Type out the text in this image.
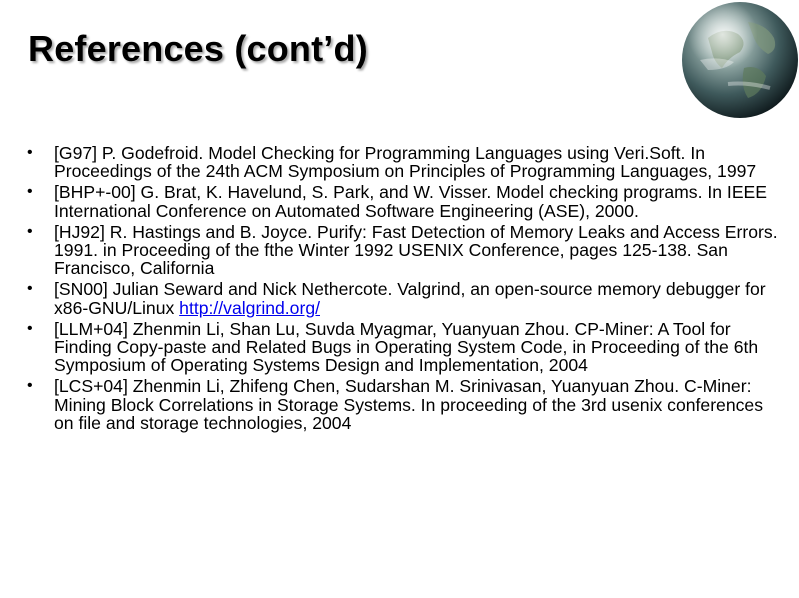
References (cont’d)
• [G97] P. Godefroid. Model Checking for Programming Languages using Veri.Soft. In Proceedings of the 24th ACM Symposium on Principles of Programming Languages, 1997
• [BHP+-00] G. Brat, K. Havelund, S. Park, and W. Visser. Model checking programs. In IEEE International Conference on Automated Software Engineering (ASE), 2000.
• [HJ92] R. Hastings and B. Joyce. Purify: Fast Detection of Memory Leaks and Access Errors. 1991. in Proceeding of the fthe Winter 1992 USENIX Conference, pages 125-138. San Francisco, California
• [SN00] Julian Seward and Nick Nethercote. Valgrind, an open-source memory debugger for x86-GNU/Linux http://valgrind.org/
• [LLM+04] Zhenmin Li, Shan Lu, Suvda Myagmar, Yuanyuan Zhou. CP-Miner: A Tool for Finding Copy-paste and Related Bugs in Operating System Code, in Proceeding of the 6th Symposium of Operating Systems Design and Implementation, 2004
• [LCS+04] Zhenmin Li, Zhifeng Chen, Sudarshan M. Srinivasan, Yuanyuan Zhou. C-Miner: Mining Block Correlations in Storage Systems. In proceeding of the 3rd usenix conferences on file and storage technologies, 2004
